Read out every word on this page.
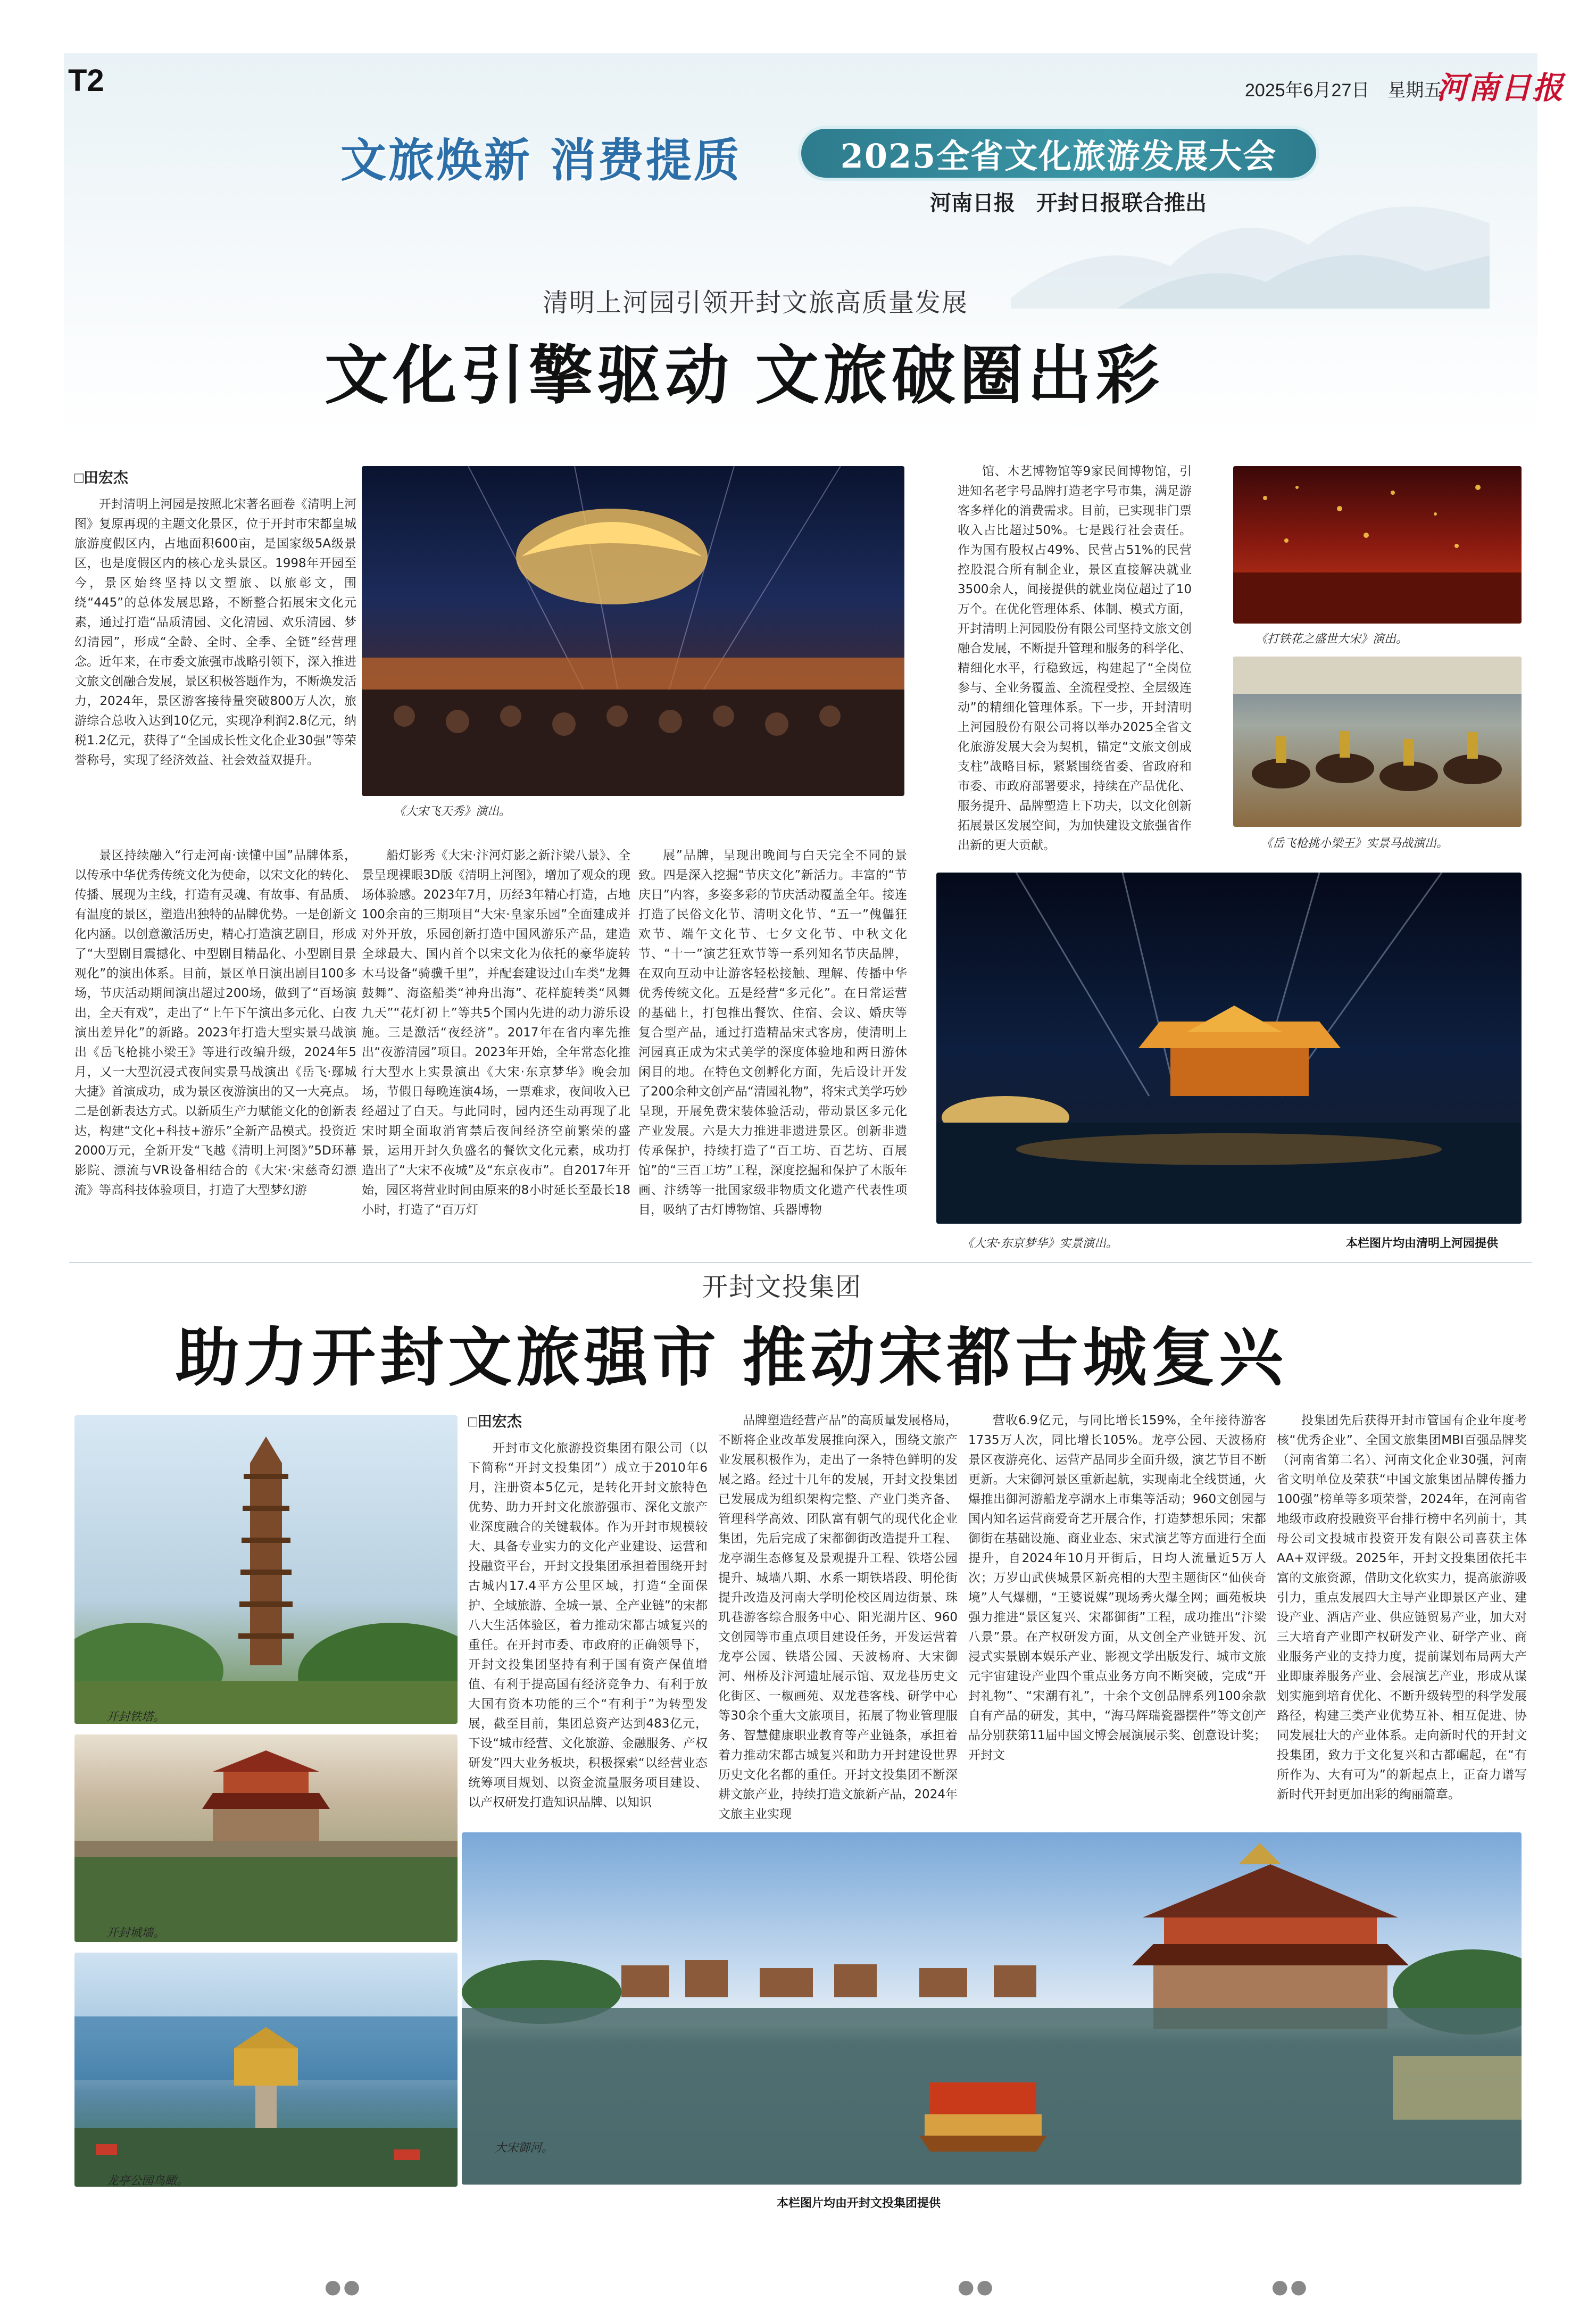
T2	2025年6月27日　星期五
河南日报
文旅焕新 消费提质	2025全省文化旅游发展大会
河南日报　开封日报联合推出
清明上河园引领开封文旅高质量发展
文化引擎驱动 文旅破圈出彩
□田宏杰

开封清明上河园是按照北宋著名画卷《清明上河图》复原再现的主题文化景区，位于开封市宋都皇城旅游度假区内，占地面积600亩，是国家级5A级景区，也是度假区内的核心龙头景区。1998年开园至今，景区始终坚持以文塑旅、以旅彰文，围绕“445”的总体发展思路，不断整合拓展宋文化元素，通过打造“品质清园、文化清园、欢乐清园、梦幻清园”，形成“全龄、全时、全季、全链”经营理念。近年来，在市委文旅强市战略引领下，深入推进文旅文创融合发展，景区积极答题作为，不断焕发活力，2024年，景区游客接待量突破800万人次，旅游综合总收入达到10亿元，实现净利润2.8亿元，纳税1.2亿元，获得了“全国成长性文化企业30强”等荣誉称号，实现了经济效益、社会效益双提升。

景区持续融入“行走河南·读懂中国”品牌体系，以传承中华优秀传统文化为使命，以宋文化的转化、传播、展现为主线，打造有灵魂、有故事、有品质、有温度的景区，塑造出独特的品牌优势。一是创新文化内涵。以创意激活历史，精心打造演艺剧目，形成了“大型剧目震撼化、中型剧目精品化、小型剧目景观化”的演出体系。目前，景区单日演出剧目100多场，节庆活动期间演出超过200场，做到了“百场演出，全天有戏”，走出了“上午下午演出多元化、白夜演出差异化”的新路。2023年打造大型实景马战演出《岳飞枪挑小梁王》等进行改编升级，2024年5月，又一大型沉浸式夜间实景马战演出《岳飞·鄢城大捷》首演成功，成为景区夜游演出的又一大亮点。二是创新表达方式。以新质生产力赋能文化的创新表达，构建“文化+科技+游乐”全新产品模式。投资近2000万元，全新开发“飞越《清明上河图》”5D环幕影院、漂流与VR设备相结合的《大宋·宋慈奇幻漂流》等高科技体验项目，打造了大型梦幻游

船灯影秀《大宋·汴河灯影之新汴梁八景》、全景呈现裸眼3D版《清明上河图》，增加了观众的现场体验感。2023年7月，历经3年精心打造，占地100余亩的三期项目“大宋·皇家乐园”全面建成并对外开放，乐园创新打造中国风游乐产品，建造全球最大、国内首个以宋文化为依托的豪华旋转木马设备“骑骥千里”，并配套建设过山车类“龙舞鼓舞”、海盗船类“神舟出海”、花样旋转类“风舞九天”“花灯初上”等共5个国内先进的动力游乐设施。三是激活“夜经济”。2017年在省内率先推出“夜游清园”项目。2023年开始，全年常态化推行大型水上实景演出《大宋·东京梦华》晚会加场，节假日每晚连演4场，一票难求，夜间收入已经超过了白天。与此同时，园内还生动再现了北宋时期全面取消宵禁后夜间经济空前繁荣的盛景，运用开封久负盛名的餐饮文化元素，成功打造出了“大宋不夜城”及“东京夜市”。自2017年开始，园区将营业时间由原来的8小时延长至最长18小时，打造了“百万灯

展”品牌，呈现出晚间与白天完全不同的景致。四是深入挖掘“节庆文化”新活力。丰富的“节庆日”内容，多姿多彩的节庆活动覆盖全年。接连打造了民俗文化节、清明文化节、“五一”傀儡狂欢节、端午文化节、七夕文化节、中秋文化节、“十一”演艺狂欢节等一系列知名节庆品牌，在双向互动中让游客轻松接触、理解、传播中华优秀传统文化。五是经营“多元化”。在日常运营的基础上，打包推出餐饮、住宿、会议、婚庆等复合型产品，通过打造精品宋式客房，使清明上河园真正成为宋式美学的深度体验地和两日游休闲目的地。在特色文创孵化方面，先后设计开发了200余种文创产品“清园礼物”，将宋式美学巧妙呈现，开展免费宋装体验活动，带动景区多元化产业发展。六是大力推进非遗进景区。创新非遗传承保护，持续打造了“百工坊、百艺坊、百展馆”的“三百工坊”工程，深度挖掘和保护了木版年画、汴绣等一批国家级非物质文化遗产代表性项目，吸纳了古灯博物馆、兵器博物

馆、木艺博物馆等9家民间博物馆，引进知名老字号品牌打造老字号市集，满足游客多样化的消费需求。目前，已实现非门票收入占比超过50%。七是践行社会责任。作为国有股权占49%、民营占51%的民营控股混合所有制企业，景区直接解决就业3500余人，间接提供的就业岗位超过了10万个。在优化管理体系、体制、模式方面，开封清明上河园股份有限公司坚持文旅文创融合发展，不断提升管理和服务的科学化、精细化水平，行稳致远，构建起了“全岗位参与、全业务覆盖、全流程受控、全层级连动”的精细化管理体系。下一步，开封清明上河园股份有限公司将以举办2025全省文化旅游发展大会为契机，锚定“文旅文创成支柱”战略目标，紧紧围绕省委、省政府和市委、市政府部署要求，持续在产品优化、服务提升、品牌塑造上下功夫，以文化创新拓展景区发展空间，为加快建设文旅强省作出新的更大贡献。

《大宋飞天秀》演出。
《打铁花之盛世大宋》演出。
《岳飞枪挑小梁王》实景马战演出。
《大宋·东京梦华》实景演出。	本栏图片均由清明上河园提供
开封文投集团
助力开封文旅强市 推动宋都古城复兴
□田宏杰

开封市文化旅游投资集团有限公司（以下简称“开封文投集团”）成立于2010年6月，注册资本5亿元，是转化开封文旅特色优势、助力开封文化旅游强市、深化文旅产业深度融合的关键载体。作为开封市规模较大、具备专业实力的文化产业建设、运营和投融资平台，开封文投集团承担着围绕开封古城内17.4平方公里区域，打造“全面保护、全域旅游、全城一景、全产业链”的宋都八大生活体验区，着力推动宋都古城复兴的重任。在开封市委、市政府的正确领导下，开封文投集团坚持有利于国有资产保值增值、有利于提高国有经济竞争力、有利于放大国有资本功能的三个“有利于”为转型发展，截至目前，集团总资产达到483亿元，下设“城市经营、文化旅游、金融服务、产权研发”四大业务板块，积极探索“以经营业态统筹项目规划、以资金流量服务项目建设、以产权研发打造知识品牌、以知识

品牌塑造经营产品”的高质量发展格局，不断将企业改革发展推向深入，围绕文旅产业发展积极作为，走出了一条特色鲜明的发展之路。经过十几年的发展，开封文投集团已发展成为组织架构完整、产业门类齐备、管理科学高效、团队富有朝气的现代化企业集团，先后完成了宋都御街改造提升工程、龙亭湖生态修复及景观提升工程、铁塔公园提升、城墙八期、水系一期铁塔段、明伦街提升改造及河南大学明伦校区周边街景、珠玑巷游客综合服务中心、阳光湖片区、960文创园等市重点项目建设任务，开发运营着龙亭公园、铁塔公园、天波杨府、大宋御河、州桥及汴河遗址展示馆、双龙巷历史文化街区、一椒画苑、双龙巷客栈、研学中心等30余个重大文旅项目，拓展了物业管理服务、智慧健康职业教育等产业链条，承担着着力推动宋都古城复兴和助力开封建设世界历史文化名都的重任。开封文投集团不断深耕文旅产业，持续打造文旅新产品，2024年文旅主业实现

营收6.9亿元，与同比增长159%，全年接待游客1735万人次，同比增长105%。龙亭公园、天波杨府景区夜游亮化、运营产品同步全面升级，演艺节目不断更新。大宋御河景区重新起航，实现南北全线贯通，火爆推出御河游船龙亭湖水上市集等活动；960文创园与国内知名运营商爱奇艺开展合作，打造梦想乐园；宋都御街在基础设施、商业业态、宋式演艺等方面进行全面提升，自2024年10月开街后，日均人流量近5万人次；万岁山武侠城景区新亮相的大型主题街区“仙侠奇境”人气爆棚，“王婆说媒”现场秀火爆全网；画苑板块强力推进“景区复兴、宋都御街”工程，成功推出“汴梁八景”景。在产权研发方面，从文创全产业链开发、沉浸式实景剧本娱乐产业、影视文学出版发行、城市文旅元宇宙建设产业四个重点业务方向不断突破，完成“开封礼物”、“宋潮有礼”，十余个文创品牌系列100余款自有产品的研发，其中，“海马辉瑞瓷器摆件”等文创产品分别获第11届中国文博会展演展示奖、创意设计奖；开封文

投集团先后获得开封市管国有企业年度考核“优秀企业”、全国文旅集团MBI百强品牌奖（河南省第二名）、河南文化企业30强，河南省文明单位及荣获“中国文旅集团品牌传播力100强”榜单等多项荣誉，2024年，在河南省地级市政府投融资平台排行榜中名列前十，其母公司文投城市投资开发有限公司喜获主体AA+双评级。2025年，开封文投集团依托丰富的文旅资源，借助文化软实力，提高旅游吸引力，重点发展四大主导产业即景区产业、建设产业、酒店产业、供应链贸易产业，加大对三大培育产业即产权研发产业、研学产业、商业服务产业的支持力度，提前谋划布局两大产业即康养服务产业、会展演艺产业，形成从谋划实施到培育优化、不断升级转型的科学发展路径，构建三类产业优势互补、相互促进、协同发展壮大的产业体系。走向新时代的开封文投集团，致力于文化复兴和古都崛起，在“有所作为、大有可为”的新起点上，正奋力谱写新时代开封更加出彩的绚丽篇章。

开封铁塔。
开封城墙。
龙亭公园鸟瞰。
大宋御河。
本栏图片均由开封文投集团提供
●●	●●	●●
